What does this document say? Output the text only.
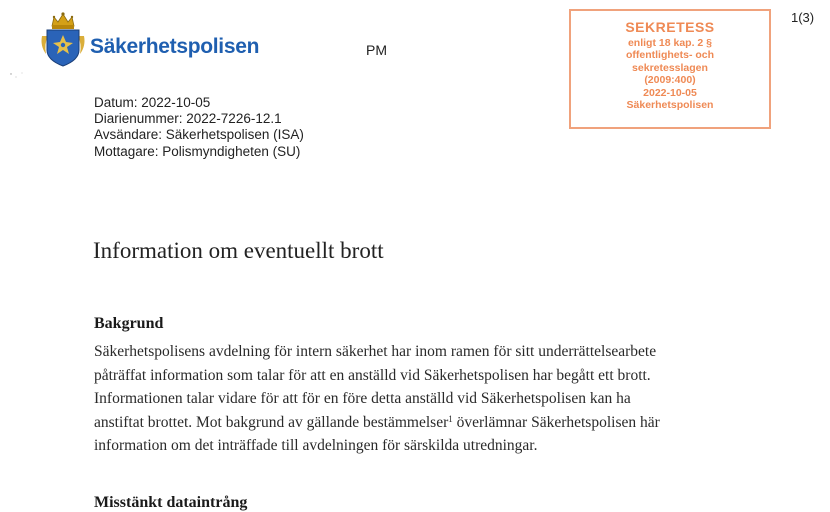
Säkerhetspolisen	PM
SEKRETESS
enligt 18 kap. 2 §
offentlighets- och
sekretesslagen
(2009:400)
2022-10-05
Säkerhetspolisen
1(3)
Datum: 2022-10-05
Diarienummer: 2022-7226-12.1
Avsändare: Säkerhetspolisen (ISA)
Mottagare: Polismyndigheten (SU)
Information om eventuellt brott
Bakgrund
Säkerhetspolisens avdelning för intern säkerhet har inom ramen för sitt underrättelsearbete
påträffat information som talar för att en anställd vid Säkerhetspolisen har begått ett brott.
Informationen talar vidare för att för en före detta anställd vid Säkerhetspolisen kan ha
anstiftat brottet. Mot bakgrund av gällande bestämmelser$^1$ överlämnar Säkerhetspolisen här
information om det inträffade till avdelningen för särskilda utredningar.
Misstänkt dataintrång
